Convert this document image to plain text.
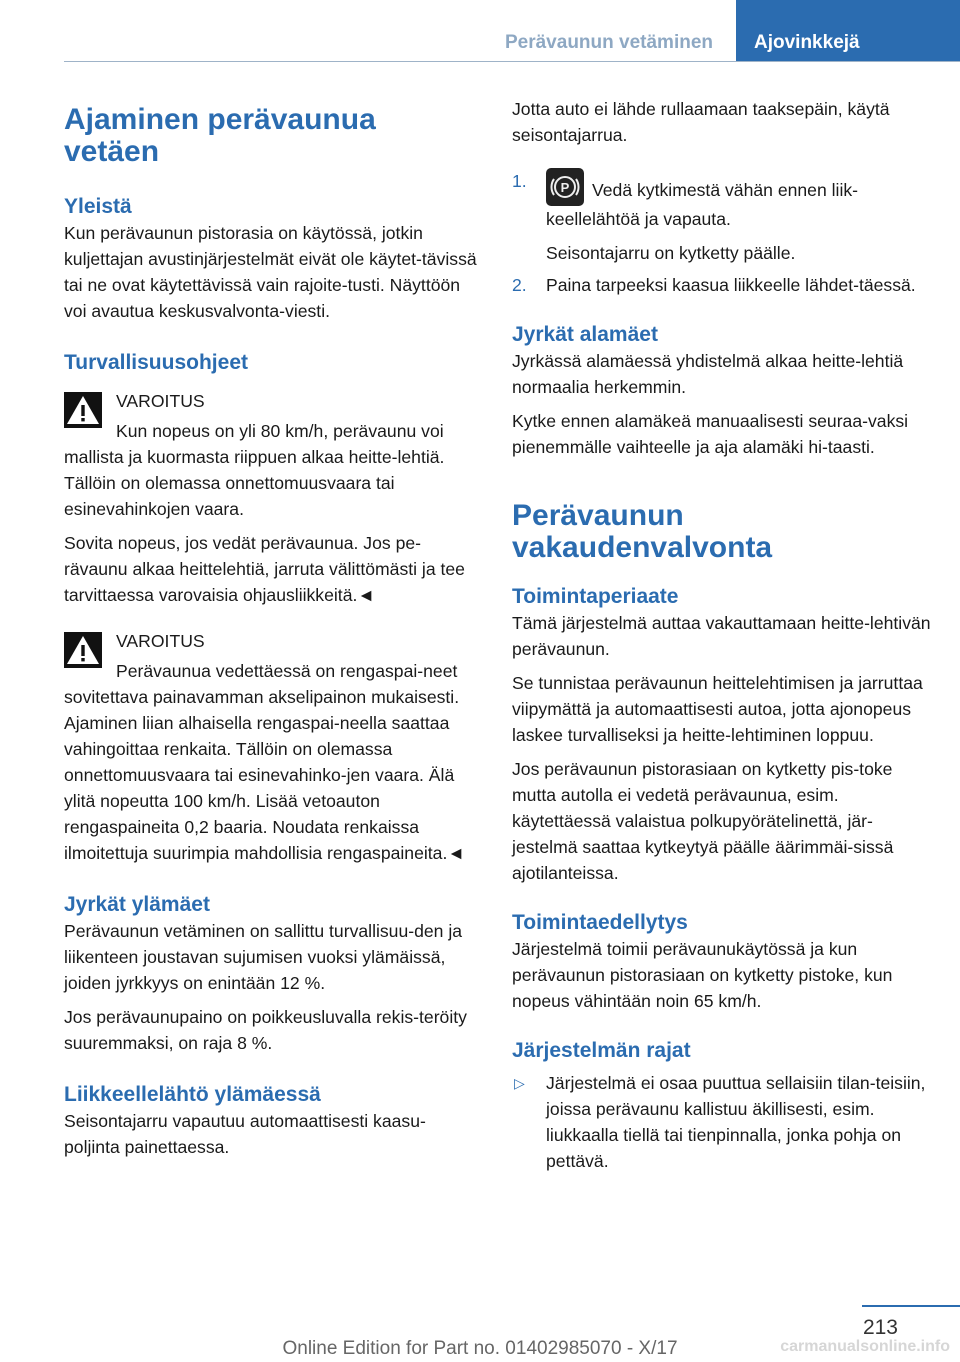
Perävaunun vetäminen	Ajovinkkejä
Ajaminen perävaunua vetäen
Yleistä

Kun perävaunun pistorasia on käytössä, jotkin kuljettajan avustinjärjestelmät eivät ole käytet-tävissä tai ne ovat käytettävissä vain rajoite-tusti. Näyttöön voi avautua keskusvalvonta-viesti.

Turvallisuusohjeet

VAROITUS

Kun nopeus on yli 80 km/h, perävaunu voi mallista ja kuormasta riippuen alkaa heitte-lehtiä. Tällöin on olemassa onnettomuusvaara tai esinevahinkojen vaara.

Sovita nopeus, jos vedät perävaunua. Jos pe-rävaunu alkaa heittelehtiä, jarruta välittömästi ja tee tarvittaessa varovaisia ohjausliikkeitä.◄

VAROITUS

Perävaunua vedettäessä on rengaspai-neet sovitettava painavamman akselipainon mukaisesti. Ajaminen liian alhaisella rengaspai-neella saattaa vahingoittaa renkaita. Tällöin on olemassa onnettomuusvaara tai esinevahinko-jen vaara. Älä ylitä nopeutta 100 km/h. Lisää vetoauton rengaspaineita 0,2 baaria. Noudata renkaissa ilmoitettuja suurimpia mahdollisia rengaspaineita.◄

Jyrkät ylämäet

Perävaunun vetäminen on sallittu turvallisuu-den ja liikenteen joustavan sujumisen vuoksi ylämäissä, joiden jyrkkyys on enintään 12 %.

Jos perävaunupaino on poikkeusluvalla rekis-teröity suuremmaksi, on raja 8 %.

Liikkeellelähtö ylämäessä

Seisontajarru vapautuu automaattisesti kaasu-poljinta painettaessa.

Jotta auto ei lähde rullaamaan taaksepäin, käytä seisontajarrua.

1.	P Vedä kytkimestä vähän ennen liik-keellelähtöä ja vapauta.

Seisontajarru on kytketty päälle.

2. Paina tarpeeksi kaasua liikkeelle lähdet-täessä.

Jyrkät alamäet

Jyrkässä alamäessä yhdistelmä alkaa heitte-lehtiä normaalia herkemmin.

Kytke ennen alamäkeä manuaalisesti seuraa-vaksi pienemmälle vaihteelle ja aja alamäki hi-taasti.

Perävaunun vakaudenvalvonta
Toimintaperiaate

Tämä järjestelmä auttaa vakauttamaan heitte-lehtivän perävaunun.

Se tunnistaa perävaunun heittelehtimisen ja jarruttaa viipymättä ja automaattisesti autoa, jotta ajonopeus laskee turvalliseksi ja heitte-lehtiminen loppuu.

Jos perävaunun pistorasiaan on kytketty pis-toke mutta autolla ei vedetä perävaunua, esim. käytettäessä valaistua polkupyörätelinettä, jär-jestelmä saattaa kytkeytyä päälle äärimmäi-sissä ajotilanteissa.

Toimintaedellytys

Järjestelmä toimii perävaunukäytössä ja kun perävaunun pistorasiaan on kytketty pistoke, kun nopeus vähintään noin 65 km/h.

Järjestelmän rajat
▷ Järjestelmä ei osaa puuttua sellaisiin tilan-teisiin, joissa perävaunu kallistuu äkillisesti, esim. liukkaalla tiellä tai tienpinnalla, jonka pohja on pettävä.

213
Online Edition for Part no. 01402985070 - X/17	carmanualsonline.info
